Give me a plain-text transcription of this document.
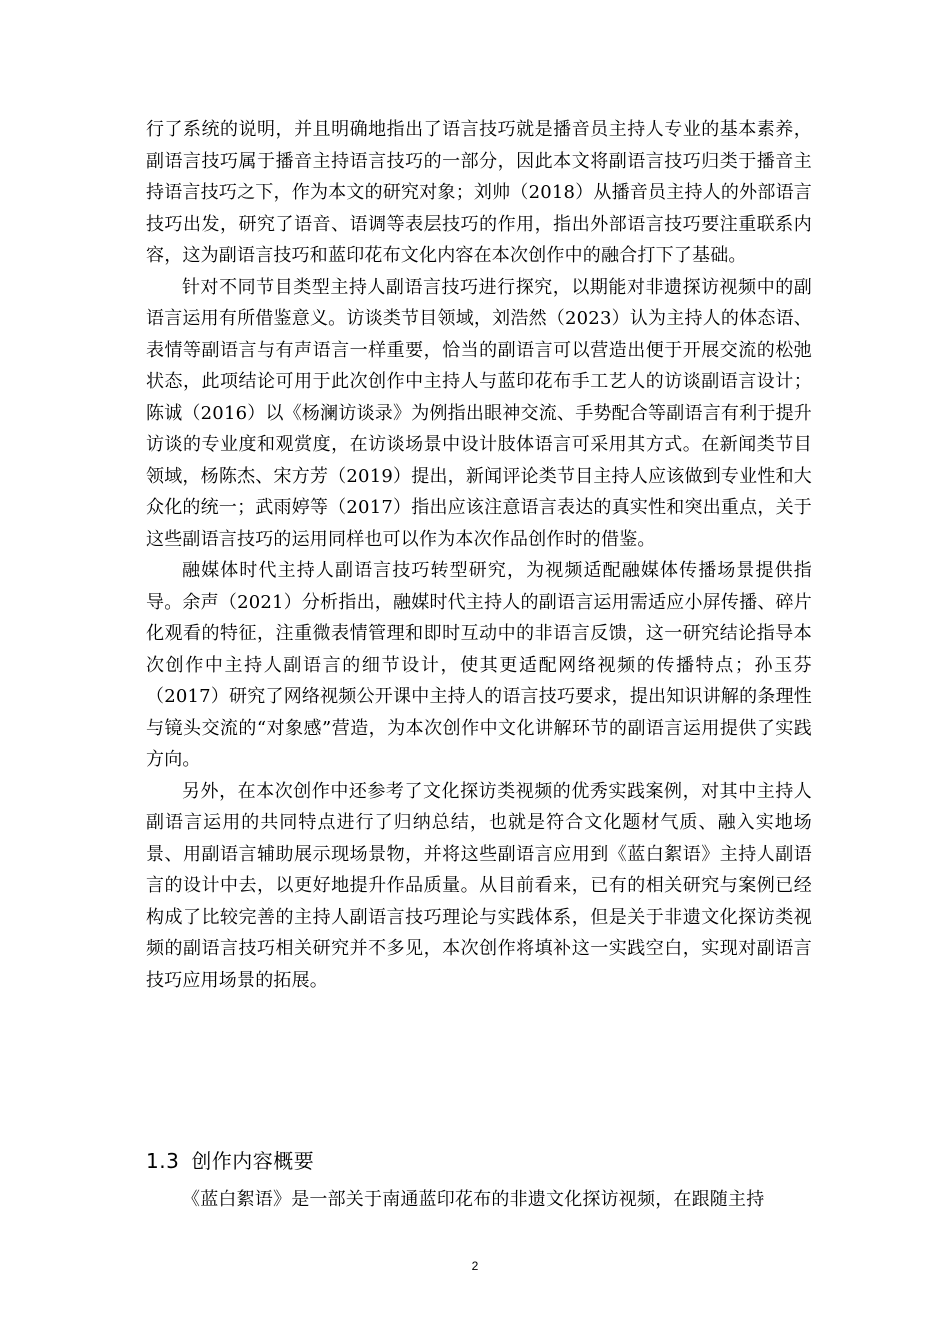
行了系统的说明，并且明确地指出了语言技巧就是播音员主持人专业的基本素养，副语言技巧属于播音主持语言技巧的一部分，因此本文将副语言技巧归类于播音主持语言技巧之下，作为本文的研究对象；刘帅（2018）从播音员主持人的外部语言技巧出发，研究了语音、语调等表层技巧的作用，指出外部语言技巧要注重联系内容，这为副语言技巧和蓝印花布文化内容在本次创作中的融合打下了基础。

针对不同节目类型主持人副语言技巧进行探究，以期能对非遗探访视频中的副语言运用有所借鉴意义。访谈类节目领域，刘浩然（2023）认为主持人的体态语、表情等副语言与有声语言一样重要，恰当的副语言可以营造出便于开展交流的松弛状态，此项结论可用于此次创作中主持人与蓝印花布手工艺人的访谈副语言设计；陈诚（2016）以《杨澜访谈录》为例指出眼神交流、手势配合等副语言有利于提升访谈的专业度和观赏度，在访谈场景中设计肢体语言可采用其方式。在新闻类节目领域，杨陈杰、宋方芳（2019）提出，新闻评论类节目主持人应该做到专业性和大众化的统一；武雨婷等（2017）指出应该注意语言表达的真实性和突出重点，关于这些副语言技巧的运用同样也可以作为本次作品创作时的借鉴。

融媒体时代主持人副语言技巧转型研究，为视频适配融媒体传播场景提供指导。余声（2021）分析指出，融媒时代主持人的副语言运用需适应小屏传播、碎片化观看的特征，注重微表情管理和即时互动中的非语言反馈，这一研究结论指导本次创作中主持人副语言的细节设计，使其更适配网络视频的传播特点；孙玉芬（2017）研究了网络视频公开课中主持人的语言技巧要求，提出知识讲解的条理性与镜头交流的“对象感”营造，为本次创作中文化讲解环节的副语言运用提供了实践方向。

另外，在本次创作中还参考了文化探访类视频的优秀实践案例，对其中主持人副语言运用的共同特点进行了归纳总结，也就是符合文化题材气质、融入实地场景、用副语言辅助展示现场景物，并将这些副语言应用到《蓝白絮语》主持人副语言的设计中去，以更好地提升作品质量。从目前看来，已有的相关研究与案例已经构成了比较完善的主持人副语言技巧理论与实践体系，但是关于非遗文化探访类视频的副语言技巧相关研究并不多见，本次创作将填补这一实践空白，实现对副语言技巧应用场景的拓展。

1.3 创作内容概要

《蓝白絮语》是一部关于南通蓝印花布的非遗文化探访视频，在跟随主持

2
